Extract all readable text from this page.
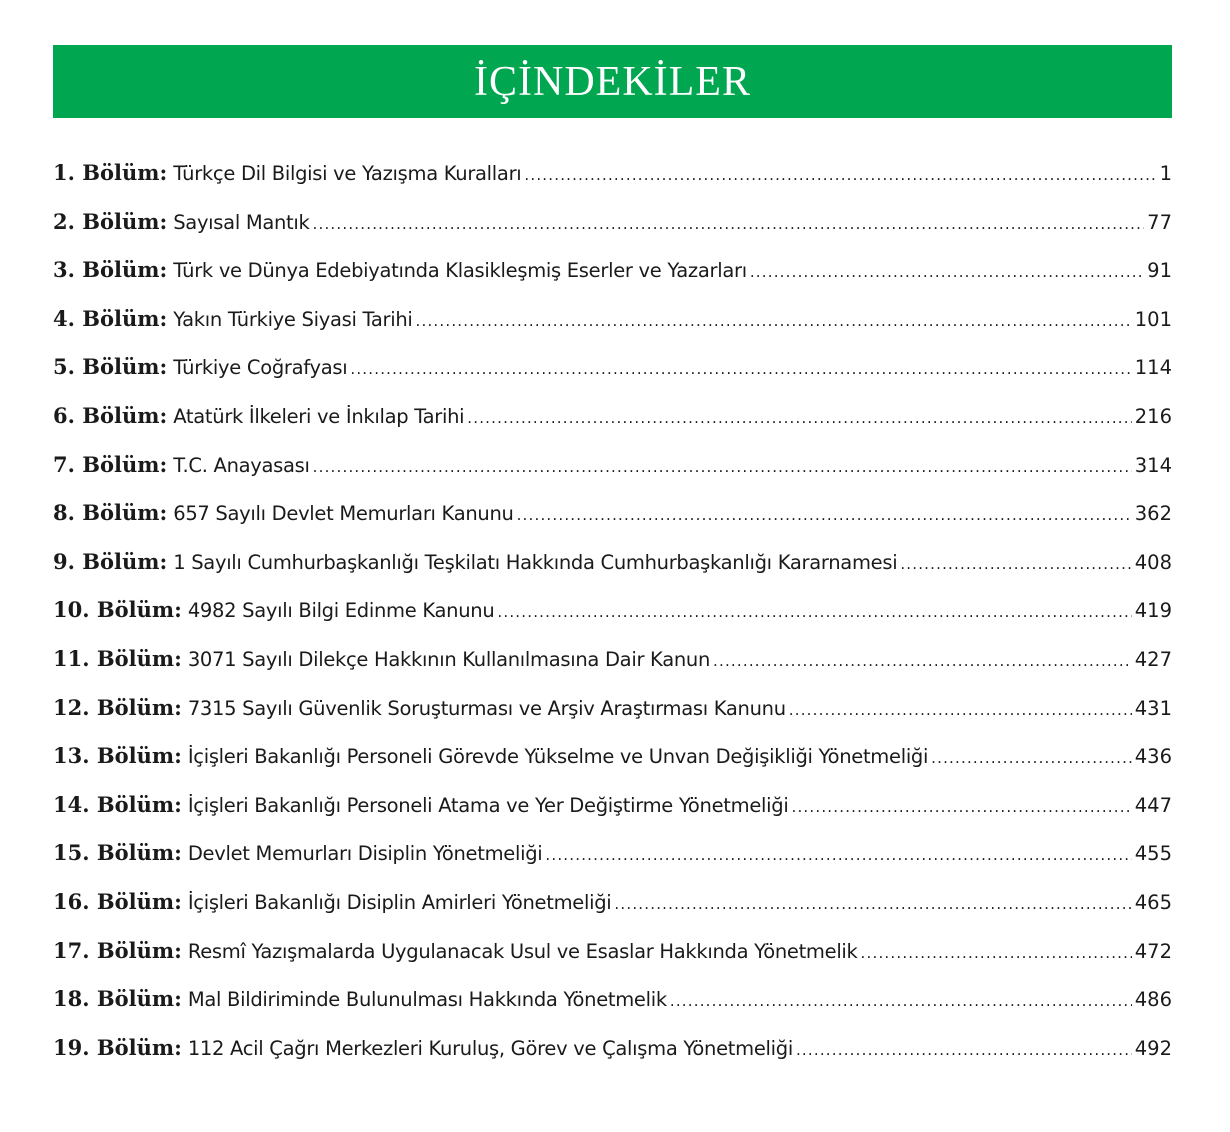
İÇİNDEKİLER
1. Bölüm: Türkçe Dil Bilgisi ve Yazışma Kuralları .....	1
2. Bölüm: Sayısal Mantık .....	77
3. Bölüm: Türk ve Dünya Edebiyatında Klasikleşmiş Eserler ve Yazarları .....	91
4. Bölüm: Yakın Türkiye Siyasi Tarihi .....	101
5. Bölüm: Türkiye Coğrafyası .....	114
6. Bölüm: Atatürk İlkeleri ve İnkılap Tarihi .....	216
7. Bölüm: T.C. Anayasası .....	314
8. Bölüm: 657 Sayılı Devlet Memurları Kanunu .....	362
9. Bölüm: 1 Sayılı Cumhurbaşkanlığı Teşkilatı Hakkında Cumhurbaşkanlığı Kararnamesi .....	408
10. Bölüm: 4982 Sayılı Bilgi Edinme Kanunu .....	419
11. Bölüm: 3071 Sayılı Dilekçe Hakkının Kullanılmasına Dair Kanun .....	427
12. Bölüm: 7315 Sayılı Güvenlik Soruşturması ve Arşiv Araştırması Kanunu .....	431
13. Bölüm: İçişleri Bakanlığı Personeli Görevde Yükselme ve Unvan Değişikliği Yönetmeliği .....	436
14. Bölüm: İçişleri Bakanlığı Personeli Atama ve Yer Değiştirme Yönetmeliği .....	447
15. Bölüm: Devlet Memurları Disiplin Yönetmeliği .....	455
16. Bölüm: İçişleri Bakanlığı Disiplin Amirleri Yönetmeliği .....	465
17. Bölüm: Resmî Yazışmalarda Uygulanacak Usul ve Esaslar Hakkında Yönetmelik .....	472
18. Bölüm: Mal Bildiriminde Bulunulması Hakkında Yönetmelik .....	486
19. Bölüm: 112 Acil Çağrı Merkezleri Kuruluş, Görev ve Çalışma Yönetmeliği .....	492
